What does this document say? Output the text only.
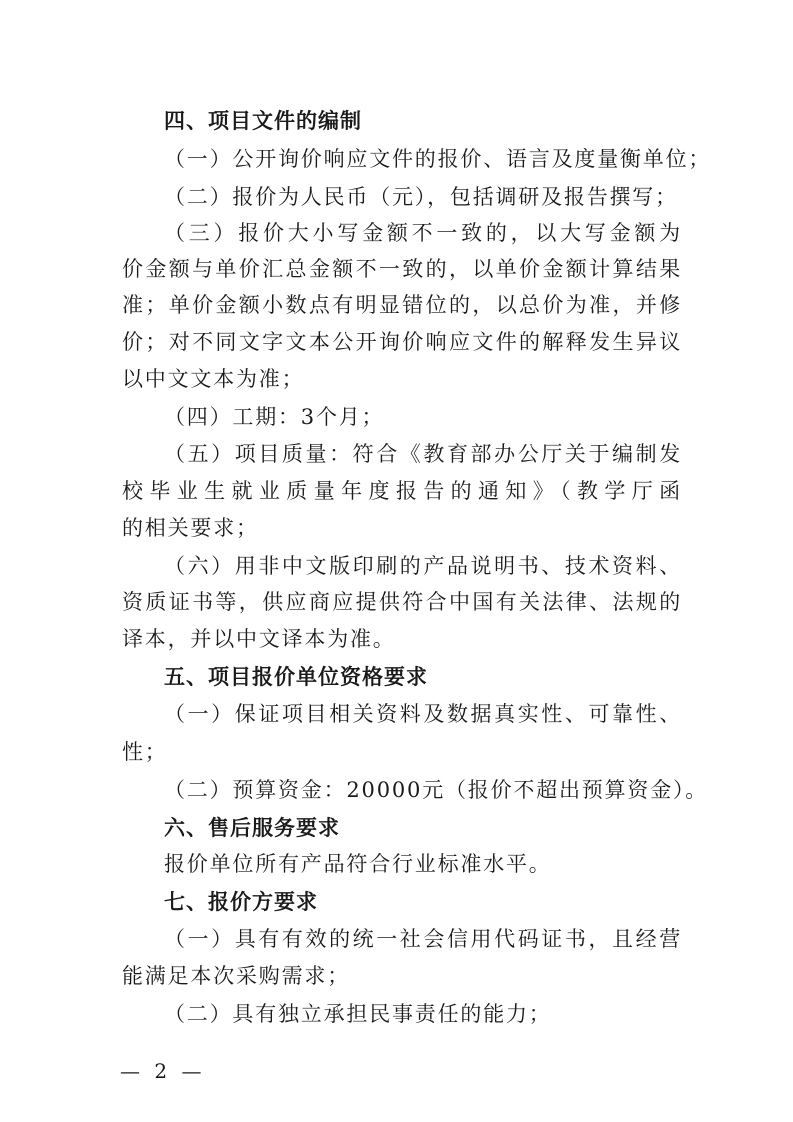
四、项目文件的编制
（一）公开询价响应文件的报价、语言及度量衡单位；
（二）报价为人民币（元），包括调研及报告撰写；
（三）报价大小写金额不一致的，以大写金额为
价金额与单价汇总金额不一致的，以单价金额计算结果
准；单价金额小数点有明显错位的，以总价为准，并修
价；对不同文字文本公开询价响应文件的解释发生异议
以中文文本为准；
（四）工期：3个月；
（五）项目质量：符合《教育部办公厅关于编制发
校毕业生就业质量年度报告的通知》（教学厅函
的相关要求；
（六）用非中文版印刷的产品说明书、技术资料、
资质证书等，供应商应提供符合中国有关法律、法规的
译本，并以中文译本为准。
五、项目报价单位资格要求
（一）保证项目相关资料及数据真实性、可靠性、
性；
（二）预算资金：20000元（报价不超出预算资金）。
六、售后服务要求
报价单位所有产品符合行业标准水平。
七、报价方要求
（一）具有有效的统一社会信用代码证书，且经营
能满足本次采购需求；
（二）具有独立承担民事责任的能力；
— 2 —
